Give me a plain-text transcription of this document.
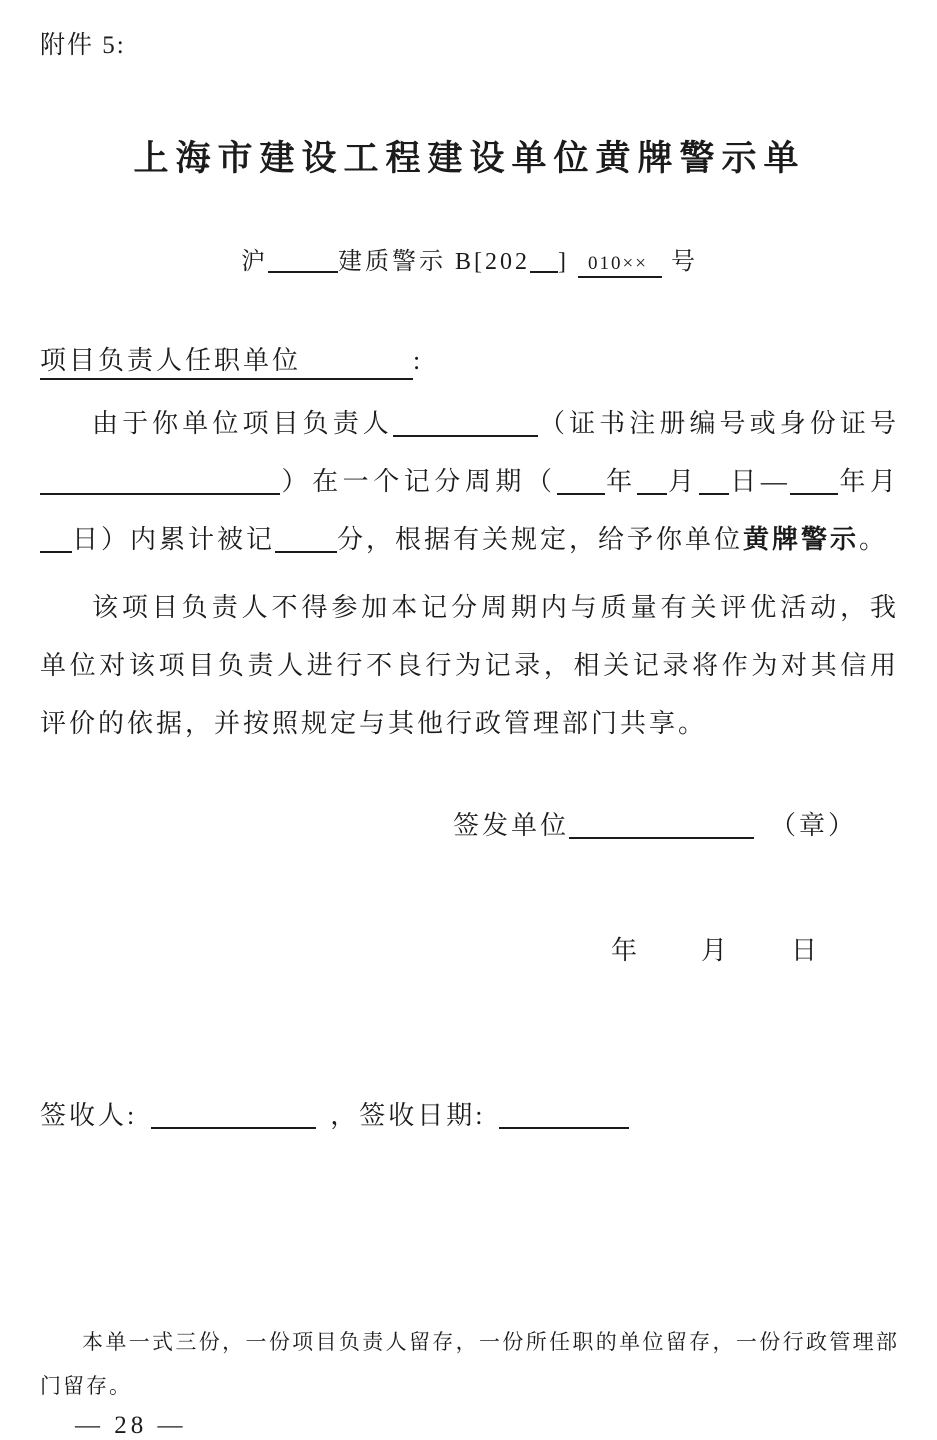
附件 5:
上海市建设工程建设单位黄牌警示单
沪	建质警示 B[202 ] 010×× 号
项目负责人任职单位	:

由于你单位项目负责人	（证书注册编号或身份证号）在一个记分周期（ 年 月 日— 年月日）内累计被记 分，根据有关规定，给予你单位黄牌警示。

该项目负责人不得参加本记分周期内与质量有关评优活动，我单位对该项目负责人进行不良行为记录，相关记录将作为对其信用评价的依据，并按照规定与其他行政管理部门共享。

签发单位	（章）

年 月 日

签收人:	，签收日期:

本单一式三份，一份项目负责人留存，一份所任职的单位留存，一份行政管理部门留存。

— 28 —
